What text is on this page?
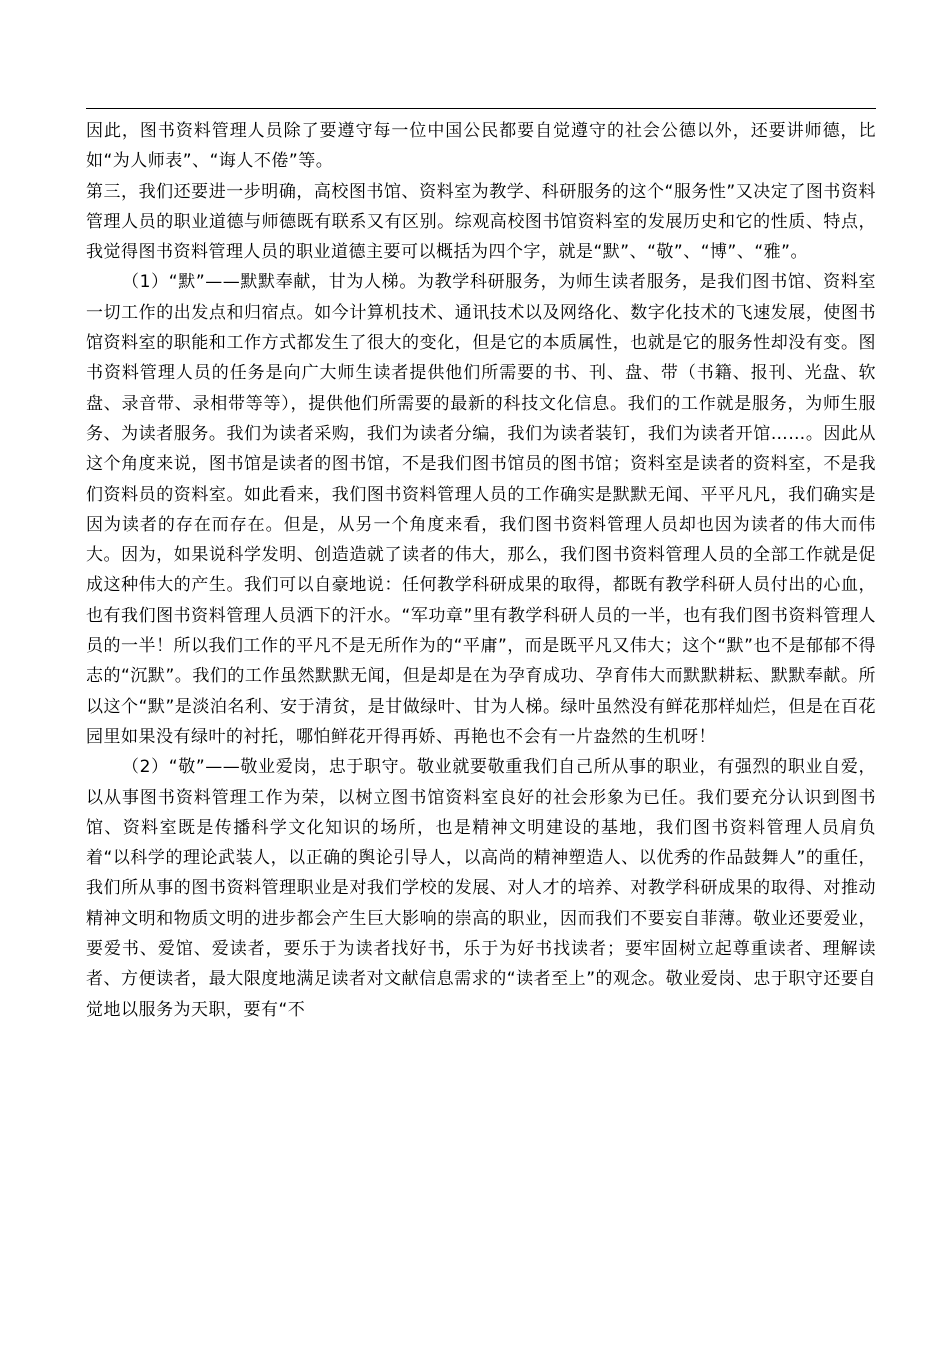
因此，图书资料管理人员除了要遵守每一位中国公民都要自觉遵守的社会公德以外，还要讲师德，比如“为人师表”、“诲人不倦”等。

第三，我们还要进一步明确，高校图书馆、资料室为教学、科研服务的这个“服务性”又决定了图书资料管理人员的职业道德与师德既有联系又有区别。综观高校图书馆资料室的发展历史和它的性质、特点，我觉得图书资料管理人员的职业道德主要可以概括为四个字，就是“默”、“敬”、“博”、“雅”。

（1）“默”——默默奉献，甘为人梯。为教学科研服务，为师生读者服务，是我们图书馆、资料室一切工作的出发点和归宿点。如今计算机技术、通讯技术以及网络化、数字化技术的飞速发展，使图书馆资料室的职能和工作方式都发生了很大的变化，但是它的本质属性，也就是它的服务性却没有变。图书资料管理人员的任务是向广大师生读者提供他们所需要的书、刊、盘、带（书籍、报刊、光盘、软盘、录音带、录相带等等），提供他们所需要的最新的科技文化信息。我们的工作就是服务，为师生服务、为读者服务。我们为读者采购，我们为读者分编，我们为读者装钉，我们为读者开馆……。因此从这个角度来说，图书馆是读者的图书馆，不是我们图书馆员的图书馆；资料室是读者的资料室，不是我们资料员的资料室。如此看来，我们图书资料管理人员的工作确实是默默无闻、平平凡凡，我们确实是因为读者的存在而存在。但是，从另一个角度来看，我们图书资料管理人员却也因为读者的伟大而伟大。因为，如果说科学发明、创造造就了读者的伟大，那么，我们图书资料管理人员的全部工作就是促成这种伟大的产生。我们可以自豪地说：任何教学科研成果的取得，都既有教学科研人员付出的心血，也有我们图书资料管理人员洒下的汗水。“军功章”里有教学科研人员的一半，也有我们图书资料管理人员的一半！所以我们工作的平凡不是无所作为的“平庸”，而是既平凡又伟大；这个“默”也不是郁郁不得志的“沉默”。我们的工作虽然默默无闻，但是却是在为孕育成功、孕育伟大而默默耕耘、默默奉献。所以这个“默”是淡泊名利、安于清贫，是甘做绿叶、甘为人梯。绿叶虽然没有鲜花那样灿烂，但是在百花园里如果没有绿叶的衬托，哪怕鲜花开得再娇、再艳也不会有一片盎然的生机呀！

（2）“敬”——敬业爱岗，忠于职守。敬业就要敬重我们自己所从事的职业，有强烈的职业自爱，以从事图书资料管理工作为荣，以树立图书馆资料室良好的社会形象为已任。我们要充分认识到图书馆、资料室既是传播科学文化知识的场所，也是精神文明建设的基地，我们图书资料管理人员肩负着“以科学的理论武装人，以正确的舆论引导人，以高尚的精神塑造人、以优秀的作品鼓舞人”的重任，我们所从事的图书资料管理职业是对我们学校的发展、对人才的培养、对教学科研成果的取得、对推动精神文明和物质文明的进步都会产生巨大影响的崇高的职业，因而我们不要妄自菲薄。敬业还要爱业，要爱书、爱馆、爱读者，要乐于为读者找好书，乐于为好书找读者；要牢固树立起尊重读者、理解读者、方便读者，最大限度地满足读者对文献信息需求的“读者至上”的观念。敬业爱岗、忠于职守还要自觉地以服务为天职，要有“不
